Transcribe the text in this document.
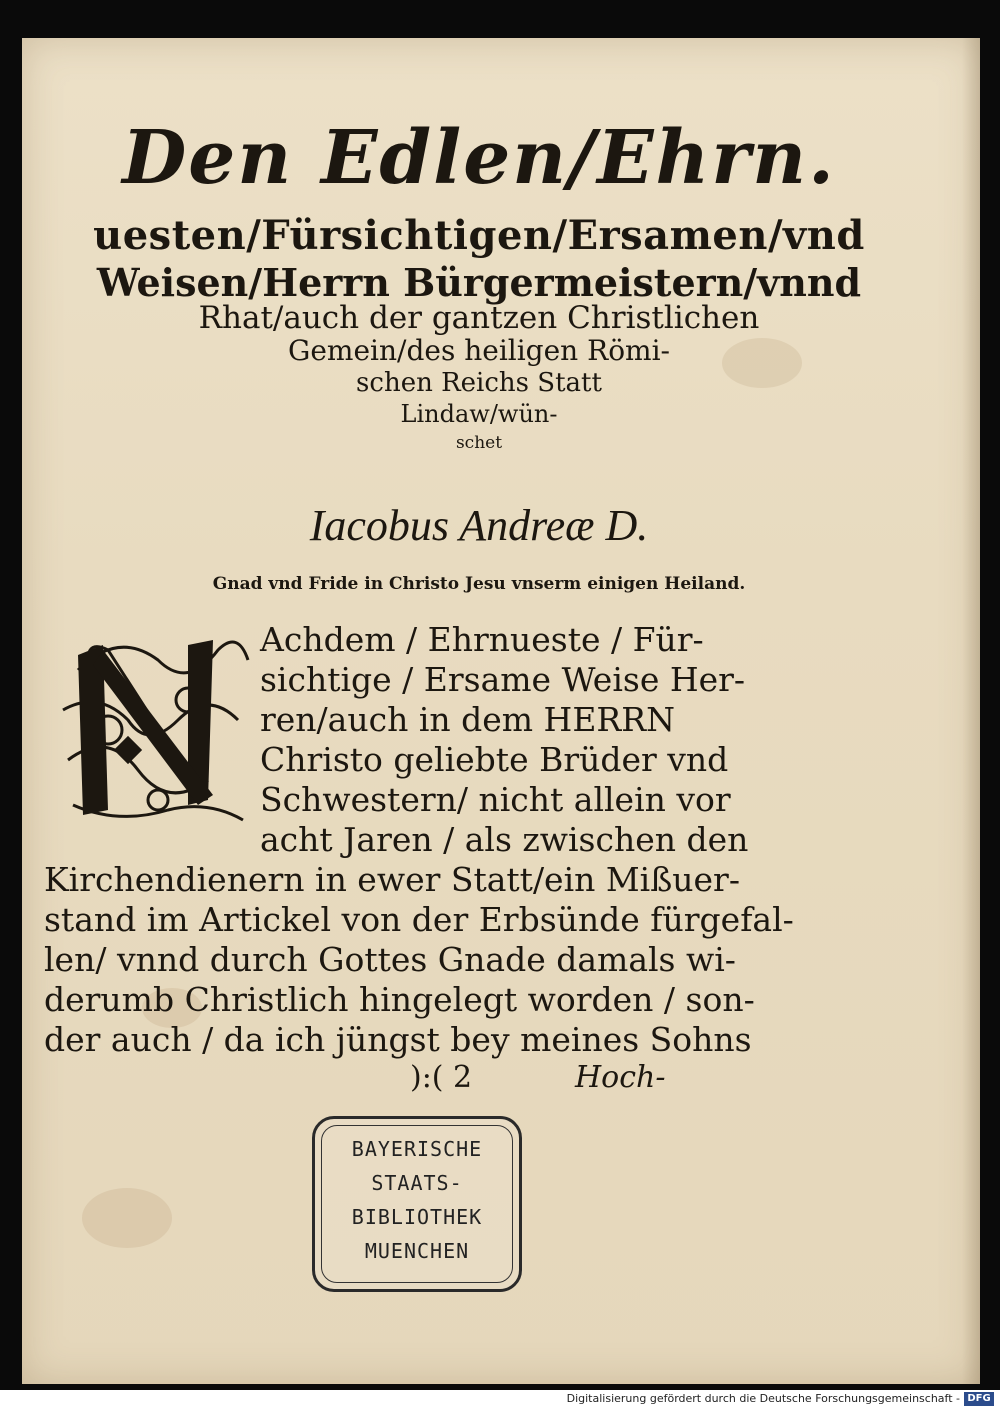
Den Edlen/Ehrn.
uesten/Fürsichtigen/Ersamen/vnd
Weisen/Herrn Bürgermeistern/vnnd
Rhat/auch der gantzen Christlichen
Gemein/des heiligen Römi-
schen Reichs Statt
Lindaw/wün-
schet
Iacobus Andreæ D.
Gnad vnd Fride in Christo Jesu vnserm einigen Heiland.
Achdem / Ehrnueste / Für-
sichtige / Ersame Weise Her-
ren/auch in dem HERRN
Christo geliebte Brüder vnd
Schwestern/ nicht allein vor
acht Jaren / als zwischen den
Kirchendienern in ewer Statt/ein Mißuer-
stand im Artickel von der Erbsünde fürgefal-
len/ vnnd durch Gottes Gnade damals wi-
derumb Christlich hingelegt worden / son-
der auch / da ich jüngst bey meines Sohns
):( 2	Hoch-
BAYERISCHE
STAATS-
BIBLIOTHEK
MUENCHEN
Digitalisierung gefördert durch die Deutsche Forschungsgemeinschaft - DFG
